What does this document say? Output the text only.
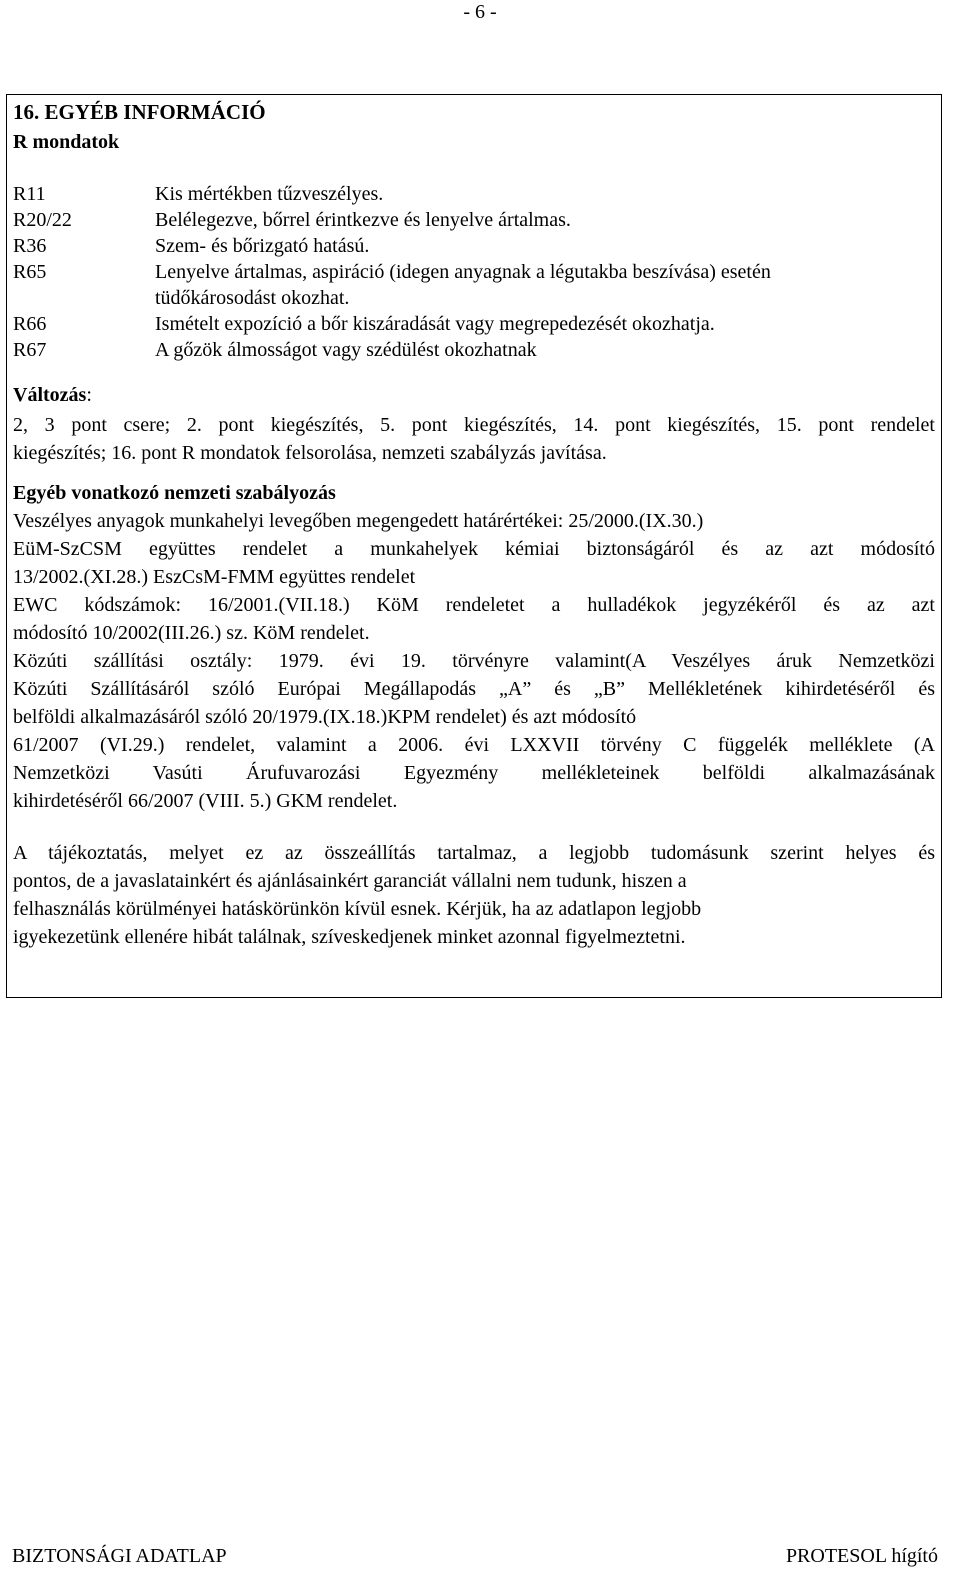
- 6 -
16. EGYÉB INFORMÁCIÓ
R mondatok
R11	Kis mértékben tűzveszélyes.
R20/22	Belélegezve, bőrrel érintkezve és lenyelve ártalmas.
R36	Szem- és bőrizgató hatású.
R65	Lenyelve ártalmas, aspiráció (idegen anyagnak a légutakba beszívása) esetén
tüdőkárosodást okozhat.
R66	Ismételt expozíció a bőr kiszáradását vagy megrepedezését okozhatja.
R67	A gőzök álmosságot vagy szédülést okozhatnak
Változás:
2, 3 pont csere; 2. pont kiegészítés, 5. pont kiegészítés, 14. pont kiegészítés, 15. pont rendelet
kiegészítés; 16. pont R mondatok felsorolása, nemzeti szabályzás javítása.
Egyéb vonatkozó nemzeti szabályozás
Veszélyes anyagok munkahelyi levegőben megengedett határértékei: 25/2000.(IX.30.)
EüM-SzCSM együttes rendelet a munkahelyek kémiai biztonságáról és az azt módosító
13/2002.(XI.28.) EszCsM-FMM együttes rendelet
EWC kódszámok: 16/2001.(VII.18.) KöM rendeletet a hulladékok jegyzékéről és az azt
módosító 10/2002(III.26.) sz. KöM rendelet.
Közúti szállítási osztály: 1979. évi 19. törvényre valamint(A Veszélyes áruk Nemzetközi
Közúti Szállításáról szóló Európai Megállapodás „A” és „B” Mellékletének kihirdetéséről és
belföldi alkalmazásáról szóló 20/1979.(IX.18.)KPM rendelet) és azt módosító
61/2007 (VI.29.) rendelet, valamint a 2006. évi LXXVII törvény C függelék melléklete (A
Nemzetközi Vasúti Árufuvarozási Egyezmény mellékleteinek belföldi alkalmazásának
kihirdetéséről 66/2007 (VIII. 5.) GKM rendelet.
A tájékoztatás, melyet ez az összeállítás tartalmaz, a legjobb tudomásunk szerint helyes és
pontos, de a javaslatainkért és ajánlásainkért garanciát vállalni nem tudunk, hiszen a
felhasználás körülményei hatáskörünkön kívül esnek. Kérjük, ha az adatlapon legjobb
igyekezetünk ellenére hibát találnak, szíveskedjenek minket azonnal figyelmeztetni.
BIZTONSÁGI ADATLAP	PROTESOL hígító
